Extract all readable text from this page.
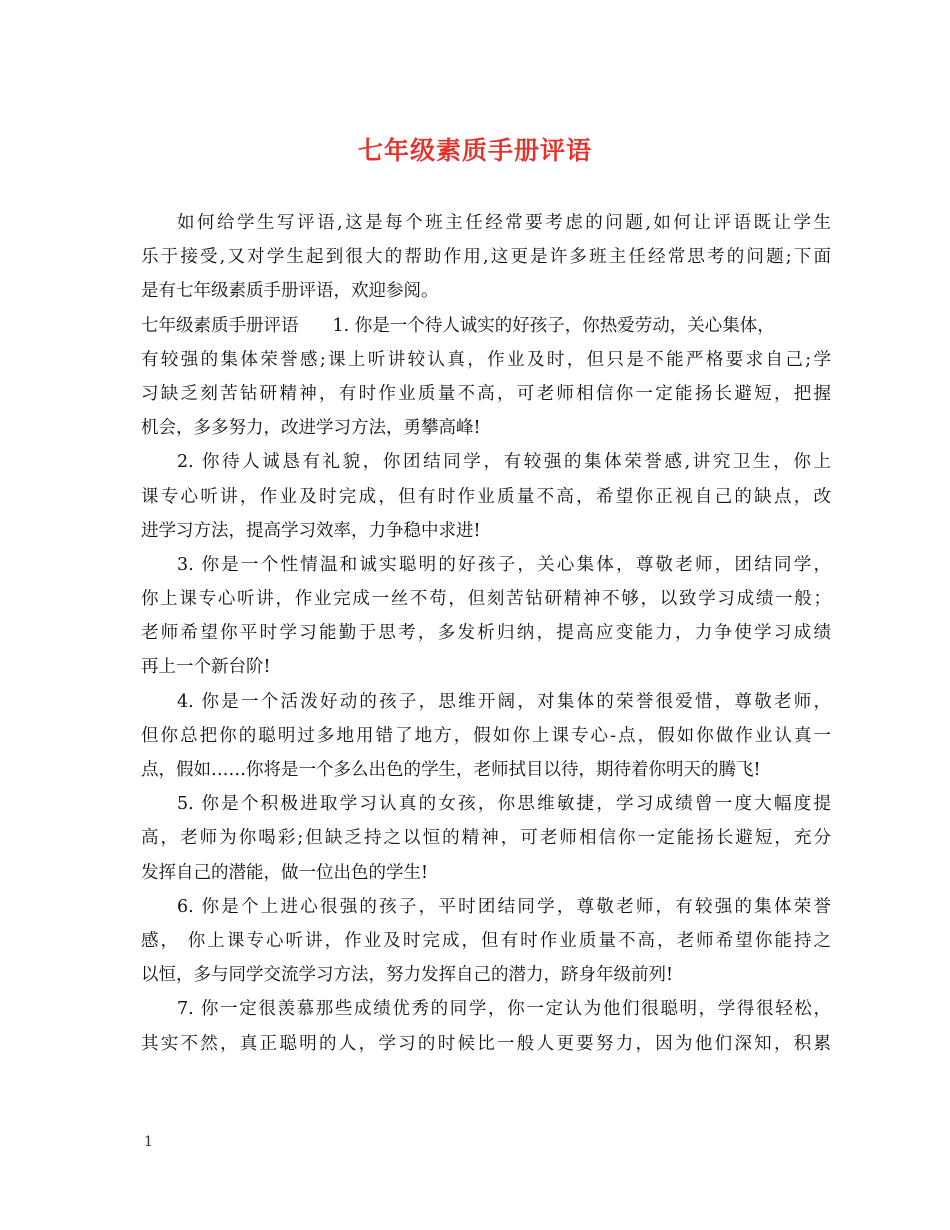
七年级素质手册评语
如何给学生写评语,这是每个班主任经常要考虑的问题,如何让评语既让学生
乐于接受,又对学生起到很大的帮助作用,这更是许多班主任经常思考的问题;下面
是有七年级素质手册评语，欢迎参阅。
七年级素质手册评语 1. 你是一个待人诚实的好孩子，你热爱劳动，关心集体，
有较强的集体荣誉感;课上听讲较认真，作业及时，但只是不能严格要求自己;学
习缺乏刻苦钻研精神，有时作业质量不高，可老师相信你一定能扬长避短，把握
机会，多多努力，改进学习方法，勇攀高峰!
2. 你待人诚恳有礼貌，你团结同学，有较强的集体荣誉感,讲究卫生，你上
课专心听讲，作业及时完成，但有时作业质量不高，希望你正视自己的缺点，改
进学习方法，提高学习效率，力争稳中求进!
3. 你是一个性情温和诚实聪明的好孩子，关心集体，尊敬老师，团结同学，
你上课专心听讲，作业完成一丝不苟，但刻苦钻研精神不够，以致学习成绩一般；
老师希望你平时学习能勤于思考，多发析归纳，提高应变能力，力争使学习成绩
再上一个新台阶!
4. 你是一个活泼好动的孩子，思维开阔，对集体的荣誉很爱惜，尊敬老师，
但你总把你的聪明过多地用错了地方，假如你上课专心-点，假如你做作业认真一
点，假如……你将是一个多么出色的学生，老师拭目以待，期待着你明天的腾飞!
5. 你是个积极进取学习认真的女孩，你思维敏捷，学习成绩曾一度大幅度提
高，老师为你喝彩;但缺乏持之以恒的精神，可老师相信你一定能扬长避短，充分
发挥自己的潜能，做一位出色的学生!
6. 你是个上进心很强的孩子，平时团结同学，尊敬老师，有较强的集体荣誉
感， 你上课专心听讲，作业及时完成，但有时作业质量不高，老师希望你能持之
以恒，多与同学交流学习方法，努力发挥自己的潜力，跻身年级前列!
7. 你一定很羡慕那些成绩优秀的同学，你一定认为他们很聪明，学得很轻松，
其实不然，真正聪明的人，学习的时候比一般人更要努力，因为他们深知，积累
1
